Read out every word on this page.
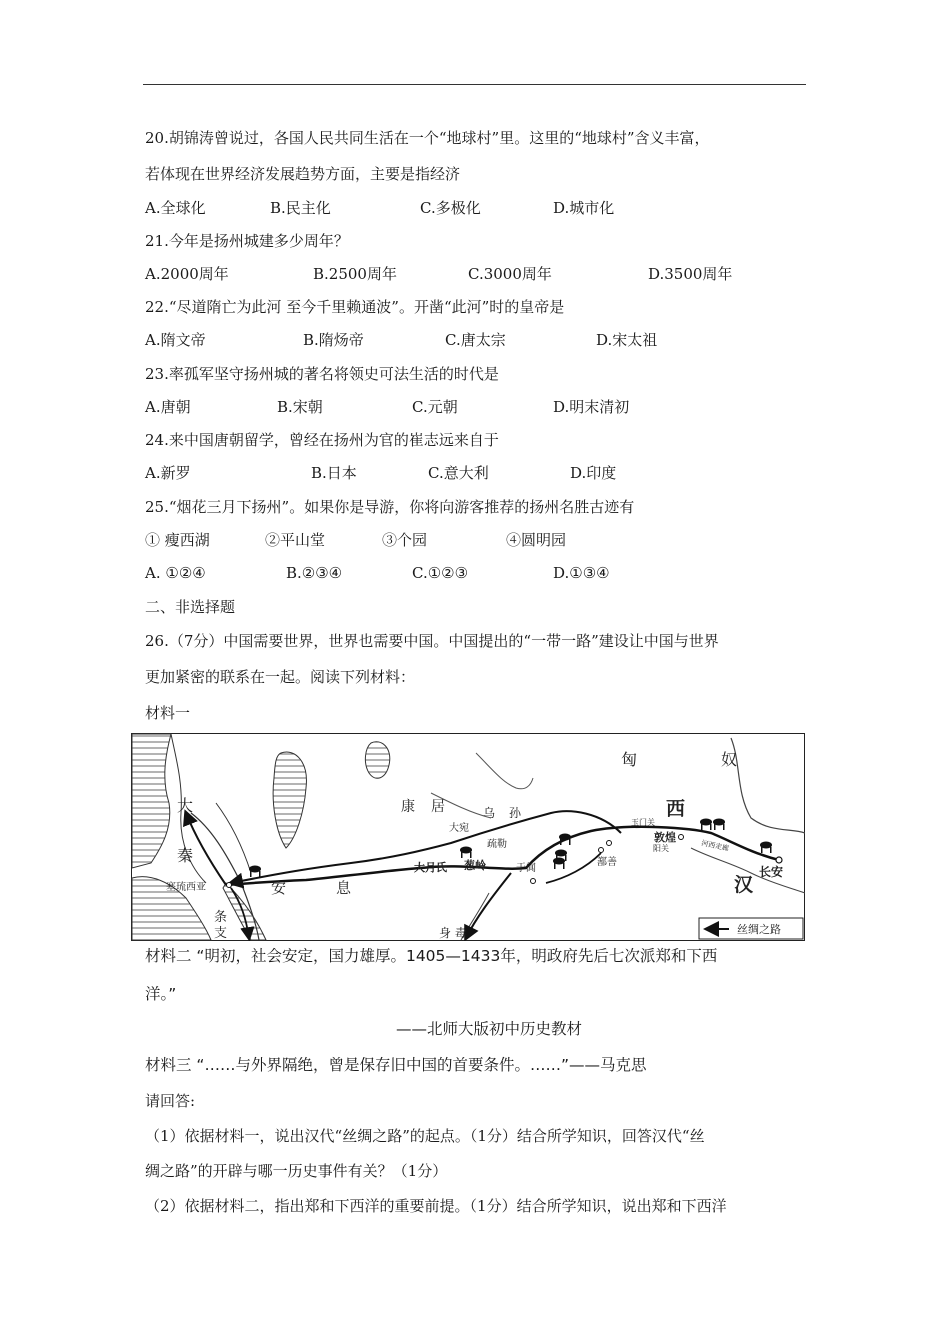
20.胡锦涛曾说过，各国人民共同生活在一个“地球村”里。这里的“地球村”含义丰富，
若体现在世界经济发展趋势方面，主要是指经济
A.全球化	B.民主化	C.多极化	D.城市化
21.今年是扬州城建多少周年？
A.2000周年	B.2500周年	C.3000周年	D.3500周年
22.“尽道隋亡为此河 至今千里赖通波”。开凿“此河”时的皇帝是
A.隋文帝	B.隋炀帝	C.唐太宗	D.宋太祖
23.率孤军坚守扬州城的著名将领史可法生活的时代是
A.唐朝	B.宋朝	C.元朝	D.明末清初
24.来中国唐朝留学，曾经在扬州为官的崔志远来自于
A.新罗	B.日本	C.意大利	D.印度
25.“烟花三月下扬州”。如果你是导游，你将向游客推荐的扬州名胜古迹有
① 瘦西湖	②平山堂	③个园	④圆明园
A. ①②④	B.②③④	C.①②③	D.①③④
二、非选择题
26.（7分）中国需要世界，世界也需要中国。中国提出的“一带一路”建设让中国与世界
更加紧密的联系在一起。阅读下列材料：
材料一
匈	奴
西
汉
长安
敦煌
玉门关
阳关	河西走廊
鄯善
于阗
疏勒
大宛
康 居	乌 孙
大月氏 葱岭
安	息
大
秦
塞琉西亚
条
支	身 毒	丝绸之路
材料二 “明初，社会安定，国力雄厚。1405—1433年，明政府先后七次派郑和下西
洋。”
——北师大版初中历史教材
材料三 “……与外界隔绝，曾是保存旧中国的首要条件。……”——马克思
请回答:
（1）依据材料一，说出汉代“丝绸之路”的起点。（1分）结合所学知识，回答汉代“丝
绸之路”的开辟与哪一历史事件有关？（1分）
（2）依据材料二，指出郑和下西洋的重要前提。（1分）结合所学知识，说出郑和下西洋
